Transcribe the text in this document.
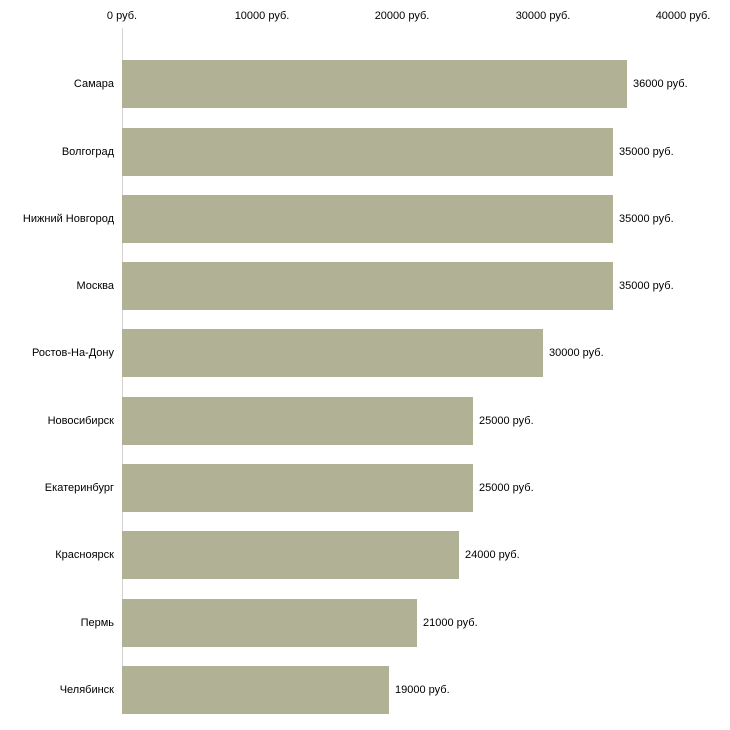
0 руб.	10000 руб.	20000 руб.	30000 руб.	40000 руб.
36000 руб.
Самара
35000 руб.
Волгоград
35000 руб.
Нижний Новгород
35000 руб.
Москва
30000 руб.
Ростов-На-Дону
25000 руб.
Новосибирск
25000 руб.
Екатеринбург
24000 руб.
Красноярск
21000 руб.
Пермь
19000 руб.
Челябинск
